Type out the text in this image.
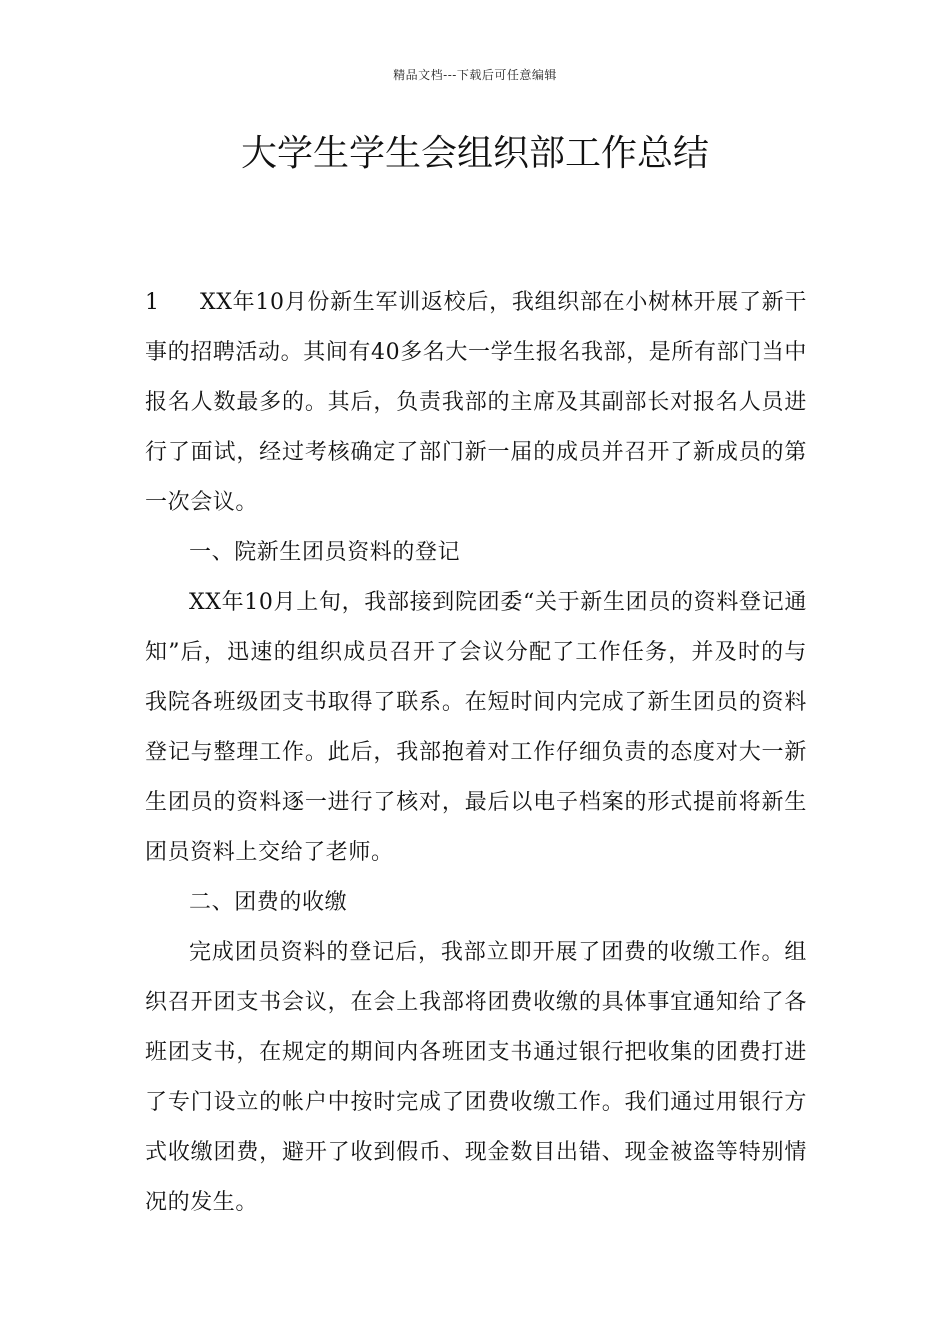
精品文档---下载后可任意编辑
大学生学生会组织部工作总结

1 XX年10月份新生军训返校后，我组织部在小树林开展了新干事的招聘活动。其间有40多名大一学生报名我部，是所有部门当中报名人数最多的。其后，负责我部的主席及其副部长对报名人员进行了面试，经过考核确定了部门新一届的成员并召开了新成员的第一次会议。

一、院新生团员资料的登记

XX年10月上旬，我部接到院团委“关于新生团员的资料登记通知”后，迅速的组织成员召开了会议分配了工作任务，并及时的与我院各班级团支书取得了联系。在短时间内完成了新生团员的资料登记与整理工作。此后，我部抱着对工作仔细负责的态度对大一新生团员的资料逐一进行了核对，最后以电子档案的形式提前将新生团员资料上交给了老师。

二、团费的收缴

完成团员资料的登记后，我部立即开展了团费的收缴工作。组织召开团支书会议，在会上我部将团费收缴的具体事宜通知给了各班团支书，在规定的期间内各班团支书通过银行把收集的团费打进了专门设立的帐户中按时完成了团费收缴工作。我们通过用银行方式收缴团费，避开了收到假币、现金数目出错、现金被盗等特别情况的发生。
